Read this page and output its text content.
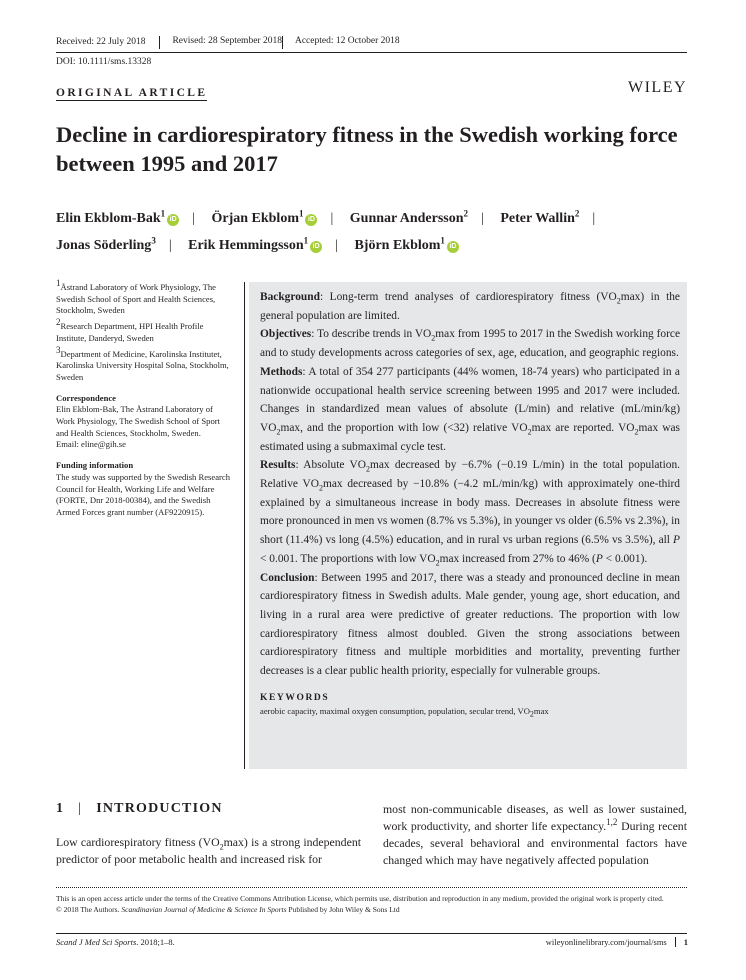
Received: 22 July 2018	Revised: 28 September 2018	Accepted: 12 October 2018
DOI: 10.1111/sms.13328
ORIGINAL ARTICLE	WILEY
Decline in cardiorespiratory fitness in the Swedish working force between 1995 and 2017
Elin Ekblom-Bak$^1$iD | Örjan Ekblom$^1$iD | Gunnar Andersson$^2$ | Peter Wallin$^2$ | Jonas Söderling$^3$ | Erik Hemmingsson$^1$iD | Björn Ekblom$^1$iD
1Åstrand Laboratory of Work Physiology, The Swedish School of Sport and Health Sciences, Stockholm, Sweden
2Research Department, HPI Health Profile Institute, Danderyd, Sweden
3Department of Medicine, Karolinska Institutet, Karolinska University Hospital Solna, Stockholm, Sweden
Correspondence
Elin Ekblom-Bak, The Åstrand Laboratory of Work Physiology, The Swedish School of Sport and Health Sciences, Stockholm, Sweden.
Email: eline@gih.se
Funding information
The study was supported by the Swedish Research Council for Health, Working Life and Welfare (FORTE, Dnr 2018-00384), and the Swedish Armed Forces grant number (AF9220915).

Background: Long-term trend analyses of cardiorespiratory fitness $(VO_2\max)$ in the general population are limited.

Objectives: To describe trends in $VO_2\max$ from 1995 to 2017 in the Swedish working force and to study developments across categories of sex, age, education, and geographic regions.

Methods: A total of 354 277 participants (44% women, 18-74 years) who participated in a nationwide occupational health service screening between 1995 and 2017 were included. Changes in standardized mean values of absolute (L/min) and relative (mL/min/kg) $VO_2\max$, and the proportion with low (<32) relative $VO_2\max$ are reported. $VO_2\max$ was estimated using a submaximal cycle test.

Results: Absolute $VO_2\max$ decreased by −6.7% (−0.19 L/min) in the total population. Relative $VO_2\max$ decreased by −10.8% (−4.2 mL/min/kg) with approximately one-third explained by a simultaneous increase in body mass. Decreases in absolute fitness were more pronounced in men vs women (8.7% vs 5.3%), in younger vs older (6.5% vs 2.3%), in short (11.4%) vs long (4.5%) education, and in rural vs urban regions (6.5% vs 3.5%), all P < 0.001. The proportions with low $VO_2\max$ increased from 27% to 46% (P < 0.001).

Conclusion: Between 1995 and 2017, there was a steady and pronounced decline in mean cardiorespiratory fitness in Swedish adults. Male gender, young age, short education, and living in a rural area were predictive of greater reductions. The proportion with low cardiorespiratory fitness almost doubled. Given the strong associations between cardiorespiratory fitness and multiple morbidities and mortality, preventing further decreases is a clear public health priority, especially for vulnerable groups.

KEYWORDS
aerobic capacity, maximal oxygen consumption, population, secular trend, VO2max
1 | INTRODUCTION
Low cardiorespiratory fitness $(VO_2\max)$ is a strong independent predictor of poor metabolic health and increased risk for
most non-communicable diseases, as well as lower sustained, work productivity, and shorter life expectancy.$^{1,2}$ During recent decades, several behavioral and environmental factors have changed which may have negatively affected population
This is an open access article under the terms of the Creative Commons Attribution License, which permits use, distribution and reproduction in any medium, provided the original work is properly cited.
© 2018 The Authors. Scandinavian Journal of Medicine & Science In Sports Published by John Wiley & Sons Ltd
Scand J Med Sci Sports. 2018;1–8.	wileyonlinelibrary.com/journal/sms 1
